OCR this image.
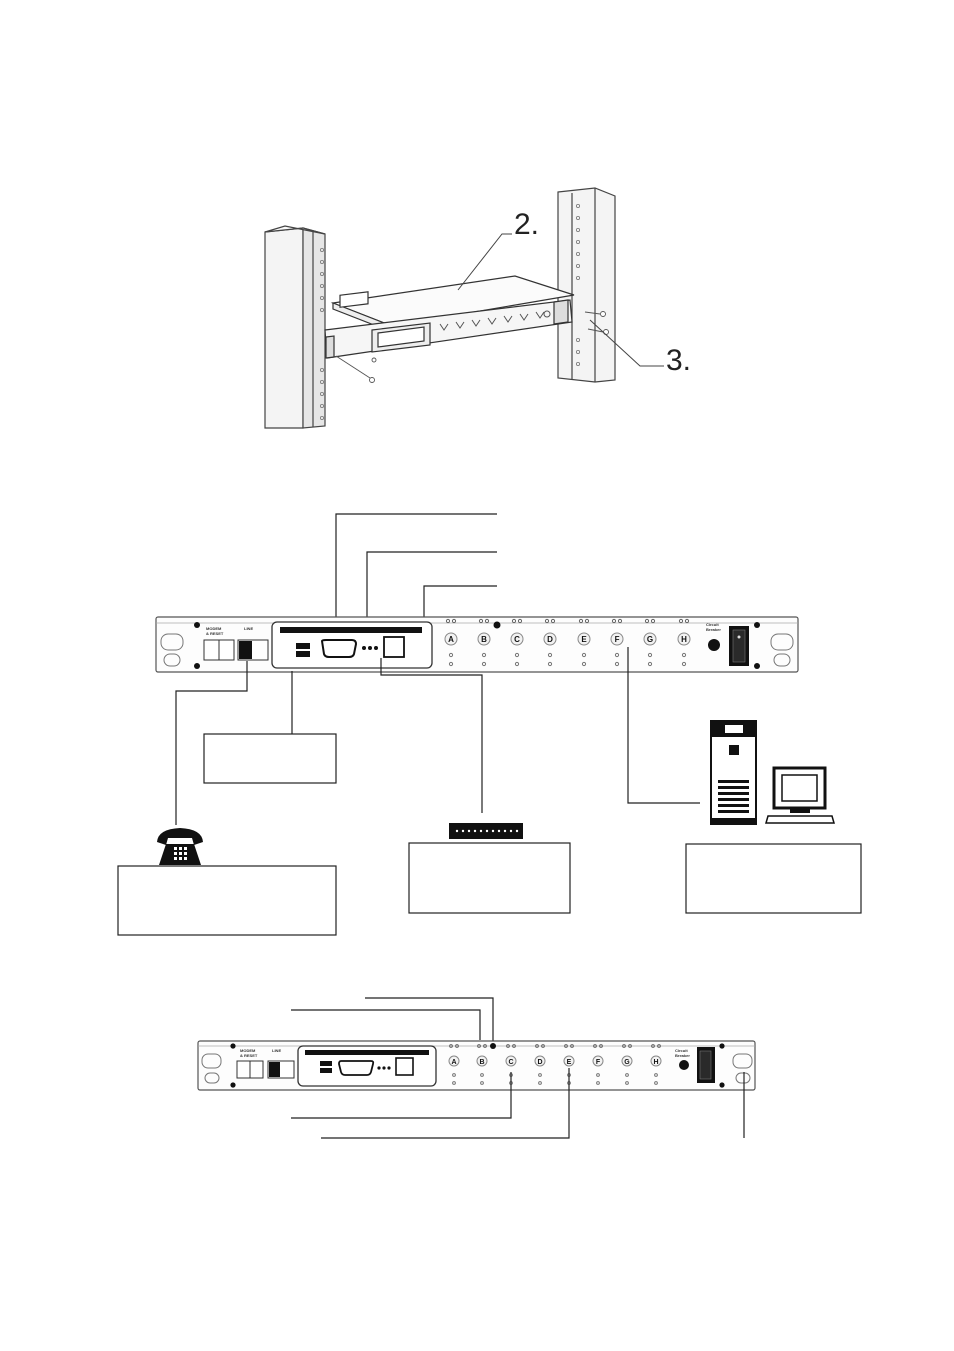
2.
3.
MODEM
& RESET
LINE
A	B	C	D	E	F	G	H
Circuit
Breaker
MODEM
& RESET
LINE
A	B	C	D	E	F	G	H
Circuit
Breaker
